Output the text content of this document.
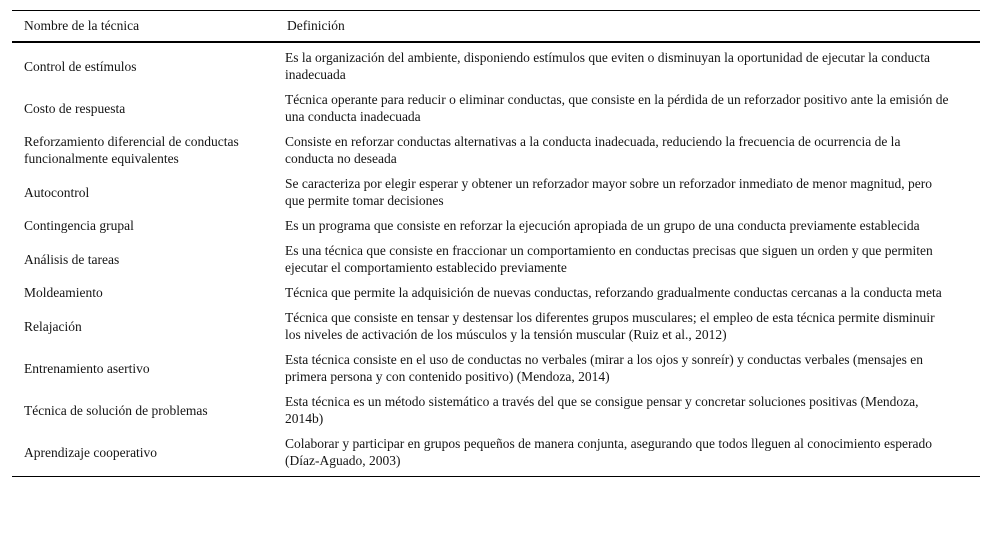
Nombre de la técnica	Definición
Control de estímulos	Es la organización del ambiente, disponiendo estímulos que eviten o disminuyan la oportunidad de ejecutar la conducta inadecuada
Costo de respuesta	Técnica operante para reducir o eliminar conductas, que consiste en la pérdida de un reforzador positivo ante la emisión de una conducta inadecuada
Reforzamiento diferencial de conductas funcionalmente equivalentes	Consiste en reforzar conductas alternativas a la conducta inadecuada, reduciendo la frecuencia de ocurrencia de la conducta no deseada
Autocontrol	Se caracteriza por elegir esperar y obtener un reforzador mayor sobre un reforzador inmediato de menor magnitud, pero que permite tomar decisiones
Contingencia grupal	Es un programa que consiste en reforzar la ejecución apropiada de un grupo de una conducta previamente establecida
Análisis de tareas	Es una técnica que consiste en fraccionar un comportamiento en conductas precisas que siguen un orden y que permiten ejecutar el comportamiento establecido previamente
Moldeamiento	Técnica que permite la adquisición de nuevas conductas, reforzando gradualmente conductas cercanas a la conducta meta
Relajación	Técnica que consiste en tensar y destensar los diferentes grupos musculares; el empleo de esta técnica permite disminuir los niveles de activación de los músculos y la tensión muscular (Ruiz et al., 2012)
Entrenamiento asertivo	Esta técnica consiste en el uso de conductas no verbales (mirar a los ojos y sonreír) y conductas verbales (mensajes en primera persona y con contenido positivo) (Mendoza, 2014)
Técnica de solución de problemas	Esta técnica es un método sistemático a través del que se consigue pensar y concretar soluciones positivas (Mendoza, 2014b)
Aprendizaje cooperativo	Colaborar y participar en grupos pequeños de manera conjunta, asegurando que todos lleguen al conocimiento esperado (Díaz-Aguado, 2003)
